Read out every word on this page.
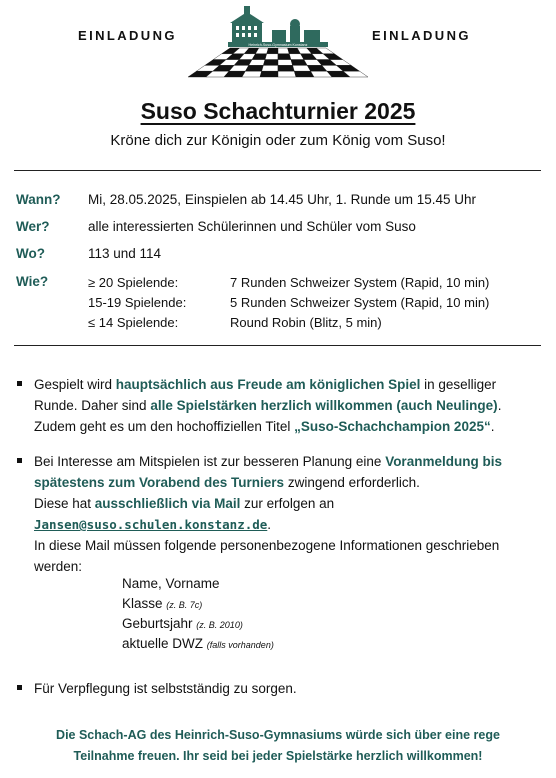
EINLADUNG	EINLADUNG
Heinrich-Suso-Gymnasium Konstanz
Suso Schachturnier 2025
Kröne dich zur Königin oder zum König vom Suso!
Wann? Mi, 28.05.2025, Einspielen ab 14.45 Uhr, 1. Runde um 15.45 Uhr
Wer?	alle interessierten Schülerinnen und Schüler vom Suso
Wo?	113 und 114
Wie?	≥ 20 Spielende:	7 Runden Schweizer System (Rapid, 10 min)
15-19 Spielende:	5 Runden Schweizer System (Rapid, 10 min)
≤ 14 Spielende:	Round Robin (Blitz, 5 min)
Gespielt wird hauptsächlich aus Freude am königlichen Spiel in geselliger
Runde. Daher sind alle Spielstärken herzlich willkommen (auch Neulinge).
Zudem geht es um den hochoffiziellen Titel „Suso-Schachchampion 2025“.
Bei Interesse am Mitspielen ist zur besseren Planung eine Voranmeldung bis
spätestens zum Vorabend des Turniers zwingend erforderlich.
Diese hat ausschließlich via Mail zur erfolgen an
Jansen@suso.schulen.konstanz.de.
In diese Mail müssen folgende personenbezogene Informationen geschrieben
werden:
Name, Vorname
Klasse (z. B. 7c)
Geburtsjahr (z. B. 2010)
aktuelle DWZ (falls vorhanden)
Für Verpflegung ist selbstständig zu sorgen.
Die Schach-AG des Heinrich-Suso-Gymnasiums würde sich über eine rege
Teilnahme freuen. Ihr seid bei jeder Spielstärke herzlich willkommen!
